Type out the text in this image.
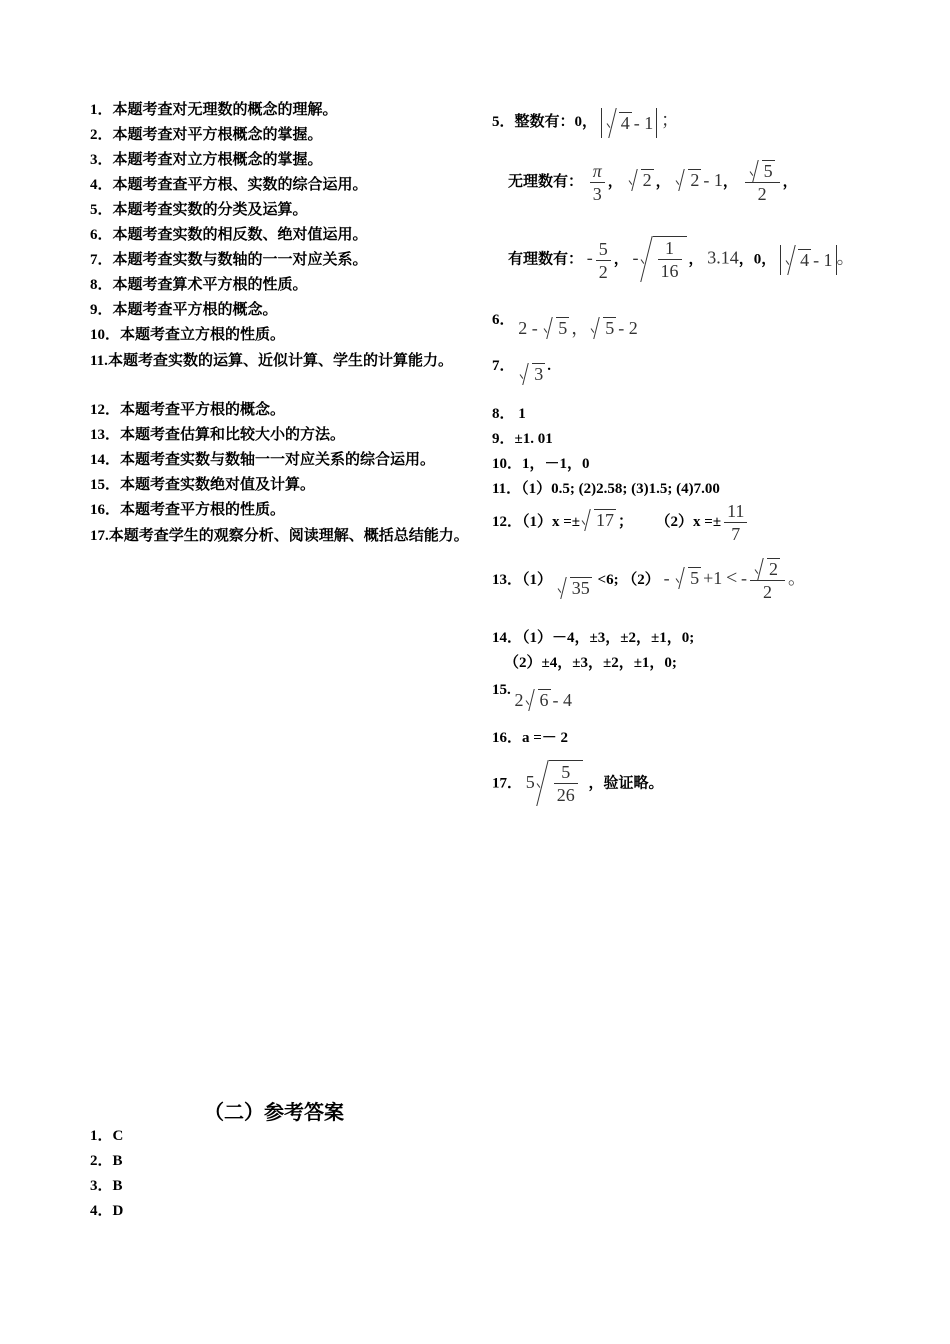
1．本题考查对无理数的概念的理解。
2．本题考查对平方根概念的掌握。
3．本题考查对立方根概念的掌握。
4．本题考查查平方根、实数的综合运用。
5．本题考查实数的分类及运算。
6．本题考查实数的相反数、绝对值运用。
7．本题考查实数与数轴的一一对应关系。
8．本题考查算术平方根的性质。
9．本题考查平方根的概念。
10．本题考查立方根的性质。
11.本题考查实数的运算、近似计算、学生的计算能力。
12．本题考查平方根的概念。
13．本题考查估算和比较大小的方法。
14．本题考查实数与数轴一一对应关系的综合运用。
15．本题考查实数绝对值及计算。
16．本题考查平方根的性质。
17.本题考查学生的观察分析、阅读理解、概括总结能力。
5．整数有：0， 4 - 1 ；
无理数有： $\frac{\pi}{3}$ ，
2 ，
2 - 1， $\frac{5}{2}$ ，
有理数有： - $\frac{5}{2}$ ， - $\frac{1}{16}$ ， 3.14，0，
4 - 1 。
6． 2 -
5 ， 5 - 2
7． 3 .
8． 1
9．±1. 01
10．1，－1，0
11．（1）0.5; (2)2.58; (3)1.5; (4)7.00
12．（1）x =± 17 ；      $(2)x =\pm \frac{11}{7}$
13．（1） 35 <6; （2） -
5 +1 < - $\frac{2}{2}$ 。
14．（1）－4，±3，±2，±1，0;
（2）±4，±3，±2，±1，0;
15. 2 6 - 4
16．a =－ 2
17． $5 \frac{5}{26}$ ，验证略。
（二）参考答案
1．C
2．B
3．B
4．D
